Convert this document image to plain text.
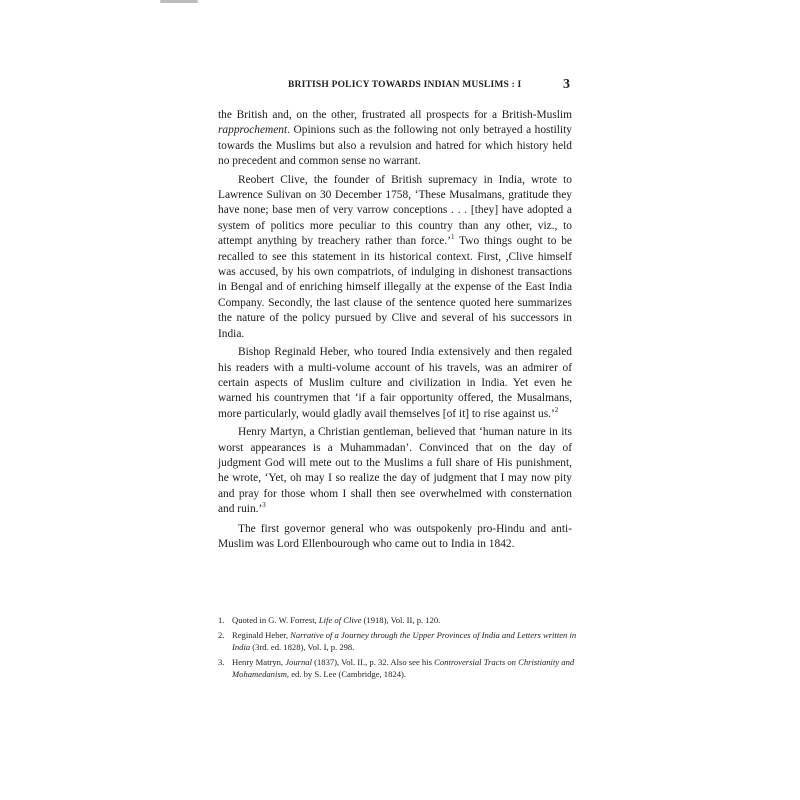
BRITISH POLICY TOWARDS INDIAN MUSLIMS : I	3

the British and, on the other, frustrated all prospects for a British-Muslim rapprochement. Opinions such as the following not only betrayed a hostility towards the Muslims but also a revulsion and hatred for which history held no precedent and common sense no warrant.

Reobert Clive, the founder of British supremacy in India, wrote to Lawrence Sulivan on 30 December 1758, ‘These Musalmans, gratitude they have none; base men of very varrow conceptions . . . [they] have adopted a system of politics more peculiar to this country than any other, viz., to attempt anything by treachery rather than force.’$^1$ Two things ought to be recalled to see this statement in its historical context. First, ,Clive himself was accused, by his own compatriots, of indulging in dishonest transactions in Bengal and of enriching himself illegally at the expense of the East India Company. Secondly, the last clause of the sentence quoted here summarizes the nature of the policy pursued by Clive and several of his successors in India.

Bishop Reginald Heber, who toured India extensively and then regaled his readers with a multi-volume account of his travels, was an admirer of certain aspects of Muslim culture and civilization in India. Yet even he warned his countrymen that ‘if a fair opportunity offered, the Musalmans, more particularly, would gladly avail themselves [of it] to rise against us.’$^2$

Henry Martyn, a Christian gentleman, believed that ‘human nature in its worst appearances is a Muhammadan’. Convinced that on the day of judgment God will mete out to the Muslims a full share of His punishment, he wrote, ‘Yet, oh may I so realize the day of judgment that I may now pity and pray for those whom I shall then see overwhelmed with consternation and ruin.’$^3$

The first governor general who was outspokenly pro-Hindu and anti-Muslim was Lord Ellenbourough who came out to India in 1842.

1. Quoted in G. W. Forrest, Life of Clive (1918), Vol. II, p. 120.
2. Reginald Heber, Narrative of a Journey through the Upper Provinces of India and Letters written in India (3rd. ed. 1828), Vol. I, p. 298.
3. Henry Matryn, Journal (1837), Vol. II., p. 32. Also see his Controversial Tracts on Christianity and Mohamedanism, ed. by S. Lee (Cambridge, 1824).
